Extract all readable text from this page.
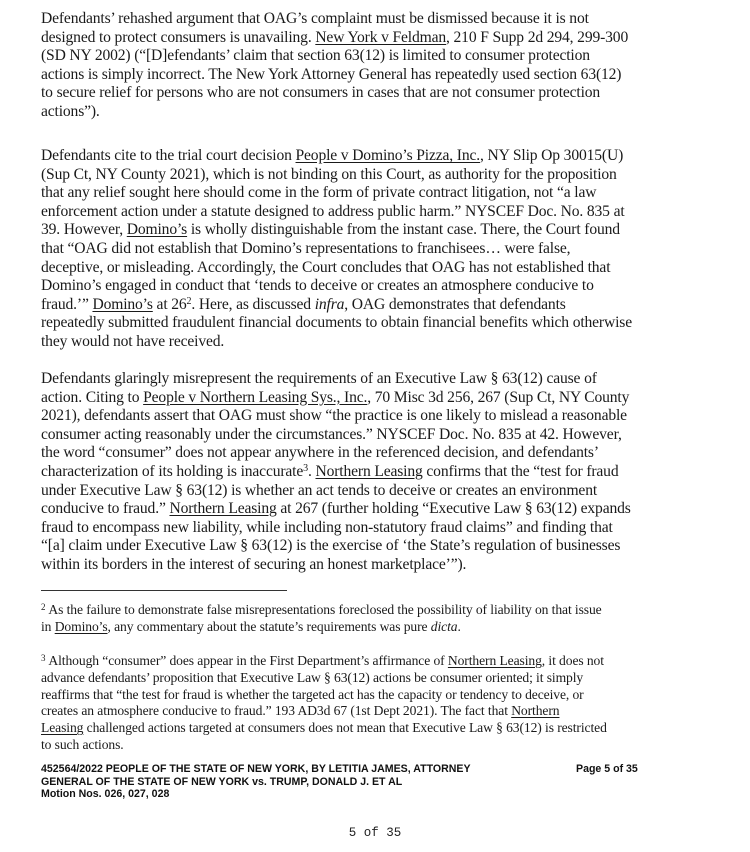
Defendants’ rehashed argument that OAG’s complaint must be dismissed because it is not
designed to protect consumers is unavailing. New York v Feldman, 210 F Supp 2d 294, 299-300
(SD NY 2002) (“[D]efendants’ claim that section 63(12) is limited to consumer protection
actions is simply incorrect. The New York Attorney General has repeatedly used section 63(12)
to secure relief for persons who are not consumers in cases that are not consumer protection
actions”).

Defendants cite to the trial court decision People v Domino’s Pizza, Inc., NY Slip Op 30015(U)
(Sup Ct, NY County 2021), which is not binding on this Court, as authority for the proposition
that any relief sought here should come in the form of private contract litigation, not “a law
enforcement action under a statute designed to address public harm.” NYSCEF Doc. No. 835 at
39. However, Domino’s is wholly distinguishable from the instant case. There, the Court found
that “OAG did not establish that Domino’s representations to franchisees… were false,
deceptive, or misleading. Accordingly, the Court concludes that OAG has not established that
Domino’s engaged in conduct that ‘tends to deceive or creates an atmosphere conducive to
fraud.’” Domino’s at $26^2$. Here, as discussed infra, OAG demonstrates that defendants
repeatedly submitted fraudulent financial documents to obtain financial benefits which otherwise
they would not have received.

Defendants glaringly misrepresent the requirements of an Executive Law § 63(12) cause of
action. Citing to People v Northern Leasing Sys., Inc., 70 Misc 3d 256, 267 (Sup Ct, NY County
2021), defendants assert that OAG must show “the practice is one likely to mislead a reasonable
consumer acting reasonably under the circumstances.” NYSCEF Doc. No. 835 at 42. However,
the word “consumer” does not appear anywhere in the referenced decision, and defendants’
characterization of its holding is inaccurate$^3$. Northern Leasing confirms that the “test for fraud
under Executive Law § 63(12) is whether an act tends to deceive or creates an environment
conducive to fraud.” Northern Leasing at 267 (further holding “Executive Law § 63(12) expands
fraud to encompass new liability, while including non-statutory fraud claims” and finding that
“[a] claim under Executive Law § 63(12) is the exercise of ‘the State’s regulation of businesses
within its borders in the interest of securing an honest marketplace’”).

$^2$ As the failure to demonstrate false misrepresentations foreclosed the possibility of liability on that issue
in Domino’s, any commentary about the statute’s requirements was pure dicta.

$^3$ Although “consumer” does appear in the First Department’s affirmance of Northern Leasing, it does not
advance defendants’ proposition that Executive Law § 63(12) actions be consumer oriented; it simply
reaffirms that “the test for fraud is whether the targeted act has the capacity or tendency to deceive, or
creates an atmosphere conducive to fraud.” 193 AD3d 67 (1st Dept 2021). The fact that Northern
Leasing challenged actions targeted at consumers does not mean that Executive Law § 63(12) is restricted
to such actions.

452564/2022 PEOPLE OF THE STATE OF NEW YORK, BY LETITIA JAMES, ATTORNEY
GENERAL OF THE STATE OF NEW YORK vs. TRUMP, DONALD J. ET AL
Motion Nos. 026, 027, 028
Page 5 of 35
5 of 35
